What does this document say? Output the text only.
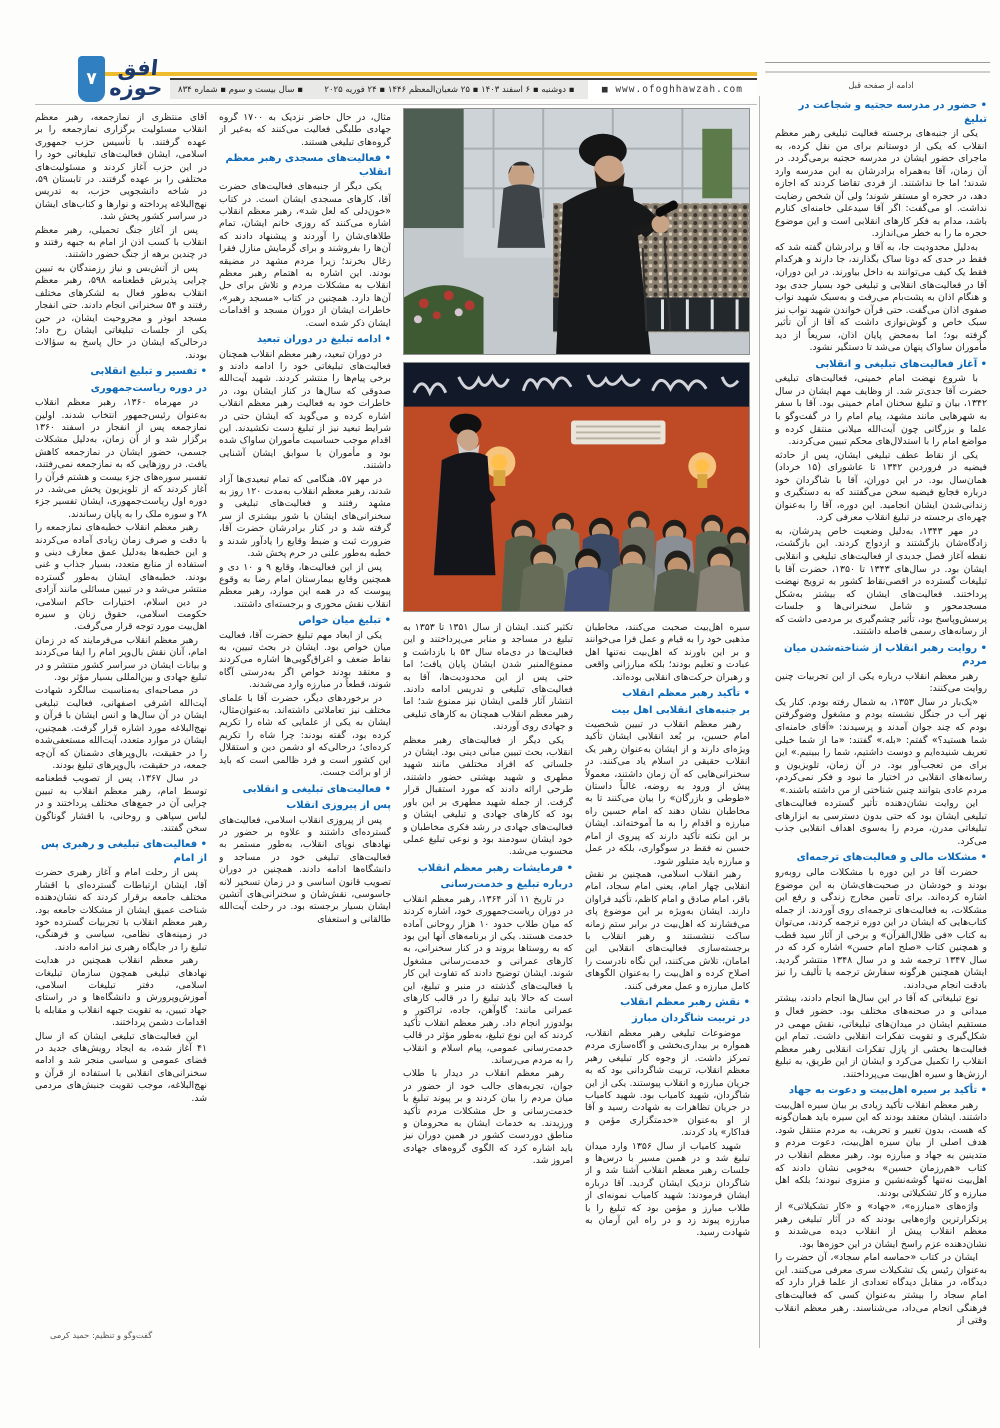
۷ افق حوزه	▪ سال بیست و سوم ▪ شماره ۸۳۴	▪ دوشنبه ▪ ۶ اسفند ۱۴۰۳ ▪ ۲۵ شعبان‌المعظم ۱۴۴۶ ▪ ۲۴ فوریه ۲۰۲۵	■ www.ofoghhawzah.com	ادامه از صفحه قبل

• حضور در مدرسه حجتیه و شجاعت در تبلیغ

یکی از جنبه‌های برجسته فعالیت تبلیغی رهبر معظم انقلاب که یکی از دوستانم برای من نقل کرده، به ماجرای حضور ایشان در مدرسه حجتیه برمی‌گردد. در آن زمان، آقا به‌همراه برادرشان به این مدرسه وارد شدند؛ اما جا نداشتند. از فردی تقاضا کردند که اجازه دهد، در حجره او مستقر شوند؛ ولی آن شخص رضایت نداشت. او می‌گفت: اگر آقا سیدعلی خامنه‌ای کنارم باشد، مدام به فکر کارهای انقلابی است و این موضوع حجره ما را به خطر می‌اندازد.

به‌دلیل محدودیت جا، به آقا و برادرشان گفته شد که فقط در حدی که دوتا ساک بگذارند، جا دارند و هرکدام فقط یک کیف می‌توانند به داخل بیاورند. در این دوران، آقا در فعالیت‌های انقلابی و تبلیغی خود بسیار جدی بود و هنگام اذان به پشت‌بام می‌رفت و به‌سبک شهید نواب صفوی اذان می‌گفت. حتی قرآن خواندن شهید نواب نیز سبک خاص و گوش‌نوازی داشت که آقا از آن تأثیر گرفته بود؛ اما به‌محض پایان اذان، سریعاً از دید مأموران ساواک پنهان می‌شد تا دستگیر نشود.

• آغاز فعالیت‌های تبلیغی و انقلابی

با شروع نهضت امام خمینی، فعالیت‌های تبلیغی حضرت آقا جدی‌تر شد. از وظایف مهم ایشان در سال ۱۳۴۲، بیان و تبلیغ سخنان امام خمینی بود. آقا با سفر به شهرهایی مانند مشهد، پیام امام را در گفت‌وگو با علما و بزرگانی چون آیت‌الله میلانی منتقل کرده و مواضع امام را با استدلال‌های محکم تبیین می‌کردند.

یکی از نقاط عطف تبلیغی ایشان، پس از حادثه فیضیه در فروردین ۱۳۴۲ تا عاشورای (۱۵ خرداد) همان‌سال بود. در این دوران، آقا با شاگردان خود درباره فجایع فیضیه سخن می‌گفتند که به دستگیری و زندانی‌شدن ایشان انجامید. این دوره، آقا را به‌عنوان چهره‌ای برجسته در تبلیغ انقلاب معرفی کرد.

در مهر ۱۳۴۳، به‌دلیل وضعیت خاص پدرشان، به زادگاه‌شان بازگشتند و ازدواج کردند. این بازگشت، نقطه آغاز فصل جدیدی از فعالیت‌های تبلیغی و انقلابی ایشان بود. در سال‌های ۱۳۴۳ تا ۱۳۵۰، حضرت آقا با تبلیغات گسترده در اقصی‌نقاط کشور به ترویج نهضت پرداختند. فعالیت‌های ایشان که بیشتر به‌شکل مسجدمحور و شامل سخنرانی‌ها و جلسات پرسش‌وپاسخ بود، تأثیر چشم‌گیری بر مردمی داشت که از رسانه‌های رسمی فاصله داشتند.

• روایت رهبر انقلاب از شناخته‌شدن میان مردم

رهبر معظم انقلاب درباره یکی از این تجربیات چنین روایت می‌کنند:

«یک‌بار در سال ۱۳۵۳، به شمال رفته بودم. کنار یک نهر آب در جنگل نشسته بودم و مشغول وضوگرفتن بودم که چند جوان آمدند و پرسیدند: «آقای خامنه‌ای شما هستید؟» گفتم: «بله.» گفتند: «ما از شما خیلی تعریف شنیده‌ایم و دوست داشتیم، شما را ببینیم.» این برای من تعجب‌آور بود. در آن زمان، تلویزیون و رسانه‌های انقلابی در اختیار ما نبود و فکر نمی‌کردم، مردم عادی بتوانند چنین شناختی از من داشته باشند.»

این روایت نشان‌دهنده تأثیر گسترده فعالیت‌های تبلیغی ایشان بود که حتی بدون دسترسی به ابزارهای تبلیغاتی مدرن، مردم را به‌سوی اهداف انقلابی جذب می‌کرد.

• مشکلات مالی و فعالیت‌های ترجمه‌ای

حضرت آقا در این دوره با مشکلات مالی روبه‌رو بودند و خودشان در صحبت‌های‌شان به این موضوع اشاره کرده‌اند. برای تأمین مخارج زندگی و رفع این مشکلات، به فعالیت‌های ترجمه‌ای روی آوردند. از جمله کتاب‌هایی که ایشان در این دوره ترجمه کردند، می‌توان به کتاب «فی ظلال‌القرآن» و برخی از آثار سید قطب و همچنین کتاب «صلح امام حسن» اشاره کرد که در سال ۱۳۴۷ ترجمه شد و در سال ۱۳۴۸ منتشر گردید. ایشان همچنین هرگونه سفارش ترجمه یا تألیف را نیز بادقت انجام می‌دادند.

نوع تبلیغاتی که آقا در این سال‌ها انجام دادند، بیشتر میدانی و در صحنه‌های مختلف بود. حضور فعال و مستقیم ایشان در میدان‌های تبلیغاتی، نقش مهمی در شکل‌گیری و تقویت تفکرات انقلابی داشت. تمام این فعالیت‌ها بخشی از پازل تفکرات انقلابی رهبر معظم انقلاب را تکمیل می‌کرد و ایشان از این طریق، به تبلیغ ارزش‌ها و سیره اهل‌بیت می‌پرداختند.

• تأکید بر سیره اهل‌بیت و دعوت به جهاد

رهبر معظم انقلاب تأکید زیادی بر بیان سیره اهل‌بیت داشتند. ایشان معتقد بودند که این سیره باید همان‌گونه که هست، بدون تغییر و تحریف، به مردم منتقل شود. هدف اصلی از بیان سیره اهل‌بیت، دعوت مردم و متدینین به جهاد و مبارزه بود. رهبر معظم انقلاب در کتاب «هم‌رزمان حسین» به‌خوبی نشان دادند که اهل‌بیت نه‌تنها گوشه‌نشین و منزوی نبودند؛ بلکه اهل مبارزه و کار تشکیلاتی بودند.

واژه‌های «مبارزه»، «جهاد» و «کار تشکیلاتی» از پرتکرارترین واژه‌هایی بودند که در آثار تبلیغی رهبر معظم انقلاب پیش از انقلاب دیده می‌شدند و نشان‌دهنده عزم راسخ ایشان در این حوزه‌ها بود.

ایشان در کتاب «حماسه امام سجاد»، آن حضرت را به‌عنوان رئیس یک تشکیلات سری معرفی می‌کنند. این دیدگاه، در مقابل دیدگاه تعدادی از علما قرار دارد که امام سجاد را بیشتر به‌عنوان کسی که فعالیت‌های فرهنگی انجام می‌داد، می‌شناسند. رهبر معظم انقلاب وقتی از

سیره اهل‌بیت صحبت می‌کنند، مخاطبان مذهبی خود را به قیام و عمل فرا می‌خوانند و بر این باورند که اهل‌بیت نه‌تنها اهل عبادت و تعلیم بودند؛ بلکه مبارزانی واقعی و رهبران حرکت‌های انقلابی بوده‌اند.

• تأکید رهبر معظم انقلاب

بر جنبه‌های انقلابی اهل بیت

رهبر معظم انقلاب در تبیین شخصیت امام حسین، بر بُعد انقلابی ایشان تأکید ویژه‌ای دارند و از ایشان به‌عنوان رهبر یک انقلاب حقیقی در اسلام یاد می‌کنند. در سخنرانی‌هایی که آن زمان داشتند، معمولاً پیش از ورود به روضه، غالباً داستان «طوطی و بازرگان» را بیان می‌کنند تا به مخاطبان نشان دهند که امام حسین راه مبارزه و اقدام را به ما آموخته‌اند. ایشان بر این نکته تأکید دارند که پیروی از امام حسین نه فقط در سوگواری، بلکه در عمل و مبارزه باید متبلور شود.

رهبر انقلاب اسلامی، همچنین بر نقش انقلابی چهار امام، یعنی امام سجاد، امام باقر، امام صادق و امام کاظم، تأکید فراوان دارند. ایشان به‌ویژه بر این موضوع پای می‌فشارند که اهل‌بیت در برابر ستم زمانه ساکت ننشستند و رهبر انقلاب با برجسته‌سازی فعالیت‌های انقلابی این امامان، تلاش می‌کنند، این نگاه نادرست را اصلاح کرده و اهل‌بیت را به‌عنوان الگوهای کامل مبارزه و عمل معرفی کنند.

• نقش رهبر معظم انقلاب

در تربیت شاگردان مبارز

موضوعات تبلیغی رهبر معظم انقلاب، همواره بر بیداری‌بخشی و آگاه‌سازی مردم تمرکز داشت. از وجوه کار تبلیغی رهبر معظم انقلاب، تربیت شاگردانی بود که به جریان مبارزه و انقلاب پیوستند. یکی از این شاگردان، شهید کامیاب بود. شهید کامیاب در جریان تظاهرات به شهادت رسید و آقا از او به‌عنوان «خدمتگزاری مؤمن و فداکار» یاد کردند.

شهید کامیاب از سال ۱۳۵۶ وارد میدان تبلیغ شد و در همین مسیر با درس‌ها و جلسات رهبر معظم انقلاب آشنا شد و از شاگردان نزدیک ایشان گردید. آقا درباره ایشان فرمودند: شهید کامیاب نمونه‌ای از طلاب مبارز و مؤمن بود که تبلیغ را با مبارزه پیوند زد و در راه این آرمان به شهادت رسید.

تکثیر کنند. ایشان از سال ۱۳۵۱ تا ۱۳۵۳ به تبلیغ در مساجد و منابر می‌پرداختند و این فعالیت‌ها در دی‌ماه سال ۵۳ با بازداشت و ممنوع‌المنبر شدن ایشان پایان یافت؛ اما حتی پس از این محدودیت‌ها، آقا به فعالیت‌های تبلیغی و تدریس ادامه دادند. انتشار آثار قلمی ایشان نیز ممنوع شد؛ اما رهبر معظم انقلاب همچنان به کارهای تبلیغی و جهادی روی آوردند.

یکی دیگر از فعالیت‌های رهبر معظم انقلاب، بحث تبیین مبانی دینی بود. ایشان در جلساتی که افراد مختلفی مانند شهید مطهری و شهید بهشتی حضور داشتند، طرحی ارائه دادند که مورد استقبال قرار گرفت. از جمله شهید مطهری بر این باور بود که کارهای جهادی و تبلیغی ایشان و فعالیت‌های جهادی در رشد فکری مخاطبان و خود ایشان سودمند بود و نوعی تبلیغ عملی محسوب می‌شد.

• فرمایشات رهبر معظم انقلاب

درباره تبلیغ و خدمت‌رسانی

در تاریخ ۱۱ آذر ۱۳۶۴، رهبر معظم انقلاب در دوران ریاست‌جمهوری خود، اشاره کردند که میان طلاب حدود ۱۰ هزار روحانی آماده خدمت هستند. یکی از برنامه‌های آنها این بود که به روستاها بروند و در کنار سخنرانی، به کارهای عمرانی و خدمت‌رسانی مشغول شوند. ایشان توضیح دادند که تفاوت این کار با فعالیت‌های گذشته در منبر و تبلیغ، این است که حالا باید تبلیغ را در قالب کارهای عمرانی مانند: گاوآهن، جاده، تراکتور و بولدوزر انجام داد. رهبر معظم انقلاب تأکید کردند که این نوع تبلیغ، به‌طور مؤثر در قالب خدمت‌رسانی عمومی، پیام اسلام و انقلاب را به مردم می‌رساند.

رهبر معظم انقلاب در دیدار با طلاب جوان، تجربه‌های جالب خود از حضور در میان مردم را بیان کردند و بر پیوند تبلیغ با خدمت‌رسانی و حل مشکلات مردم تأکید ورزیدند. به خدمات ایشان به محرومان و مناطق دوردست کشور در همین دوران نیز باید اشاره کرد که الگوی گروه‌های جهادی امروز شد.

مثال، در حال حاضر نزدیک به ۱۷۰۰ گروه جهادی طلبگی فعالیت می‌کنند که به‌غیر از گروه‌های تبلیغی هستند.

• فعالیت‌های مسجدی رهبر معظم انقلاب

یکی دیگر از جنبه‌های فعالیت‌های حضرت آقا، کارهای مسجدی ایشان است. در کتاب «خون‌دلی که لعل شد»، رهبر معظم انقلاب اشاره می‌کنند که روزی خانم ایشان، تمام طلاهای‌شان را آوردند و پیشنهاد دادند که آن‌ها را بفروشند و برای گرمایش منازل فقرا زغال بخرند؛ زیرا مردم مشهد در مضیقه بودند. این اشاره به اهتمام رهبر معظم انقلاب به مشکلات مردم و تلاش برای حل آن‌ها دارد. همچنین در کتاب «مسجد رهبر»، خاطرات ایشان از دوران مسجد و اقدامات ایشان ذکر شده است.

• ادامه تبلیغ در دوران تبعید

در دوران تبعید، رهبر معظم انقلاب همچنان فعالیت‌های تبلیغاتی خود را ادامه دادند و برخی پیام‌ها را منتشر کردند. شهید آیت‌الله صدوقی که سال‌ها در کنار ایشان بود، در خاطرات خود به فعالیت رهبر معظم انقلاب اشاره کرده و می‌گوید که ایشان حتی در شرایط تبعید نیز از تبلیغ دست نکشیدند. این اقدام موجب حساسیت مأموران ساواک شده بود و مأموران با سوابق ایشان آشنایی داشتند.

در مهر ۵۷، هنگامی که تمام تبعیدی‌ها آزاد شدند، رهبر معظم انقلاب به‌مدت ۱۲۰ روز به مشهد رفتند و فعالیت‌های تبلیغی و سخنرانی‌های ایشان با شور بیشتری از سر گرفته شد و در کنار برادرشان حضرت آقا، ضرورت ثبت و ضبط وقایع را یادآور شدند و خطبه به‌طور علنی در حرم پخش شد.

پس از این فعالیت‌ها، وقایع ۹ و ۱۰ دی و همچنین وقایع بیمارستان امام رضا به وقوع پیوست که در همه این موارد، رهبر معظم انقلاب نقش محوری و برجسته‌ای داشتند.

• تبلیغ میان خواص

یکی از ابعاد مهم تبلیغ حضرت آقا، فعالیت میان خواص بود. ایشان در بحث تبیین، به نقاط ضعف و اغراق‌گویی‌ها اشاره می‌کردند و معتقد بودند خواص اگر به‌درستی آگاه شوند، قطعاً در مبارزه وارد می‌شدند.

در برخوردهای دیگر، حضرت آقا با علمای مختلف نیز تعاملاتی داشته‌اند. به‌عنوان‌مثال، ایشان به یکی از علمایی که شاه را تکریم کرده بود، گفته بودند: چرا شاه را تکریم کرده‌ای؛ درحالی‌که او دشمن دین و استقلال این کشور است و فرد ظالمی است که باید از او برائت جست.

• فعالیت‌های تبلیغی و انقلابی

پس از پیروزی انقلاب

پس از پیروزی انقلاب اسلامی، فعالیت‌های گسترده‌ای داشتند و علاوه بر حضور در نهادهای نوپای انقلاب، به‌طور مستمر به فعالیت‌های تبلیغی خود در مساجد و دانشگاه‌ها ادامه دادند. همچنین در دوران تصویب قانون اساسی و در زمان تسخیر لانه جاسوسی، نقش‌شان و سخنرانی‌های آتشین ایشان بسیار برجسته بود. در رحلت آیت‌الله طالقانی و استعفای

آقای منتظری از نمازجمعه، رهبر معظم انقلاب مسئولیت برگزاری نمازجمعه را بر عهده گرفتند. با تأسیس حزب جمهوری اسلامی، ایشان فعالیت‌های تبلیغاتی خود را در این حزب آغاز کردند و مسئولیت‌های مختلفی را بر عهده گرفتند. در تابستان ۵۹، در شاخه دانشجویی حزب، به تدریس نهج‌البلاغه پرداخته و نوارها و کتاب‌های ایشان در سراسر کشور پخش شد.

پس از آغاز جنگ تحمیلی، رهبر معظم انقلاب با کسب اذن از امام به جبهه رفتند و در چندین برهه از جنگ حضور داشتند.

پس از آتش‌بس و نیاز رزمندگان به تبیین چرایی پذیرش قطعنامه ۵۹۸، رهبر معظم انقلاب به‌طور فعال به لشکرهای مختلف رفتند و ۵۴ سخنرانی انجام دادند. حتی انفجار مسجد ابوذر و مجروحیت ایشان، در حین یکی از جلسات تبلیغاتی ایشان رخ داد؛ درحالی‌که ایشان در حال پاسخ به سؤالات بودند.

• تفسیر و تبلیغ انقلابی

در دوره ریاست‌جمهوری

در مهرماه ۱۳۶۰، رهبر معظم انقلاب به‌عنوان رئیس‌جمهور انتخاب شدند. اولین نمازجمعه پس از انفجار در اسفند ۱۳۶۰ برگزار شد و از آن زمان، به‌دلیل مشکلات جسمی، حضور ایشان در نمازجمعه کاهش یافت. در روزهایی که به نمازجمعه نمی‌رفتند، تفسیر سوره‌های جزء بیست و هشتم قرآن را آغاز کردند که از تلویزیون پخش می‌شد. در دوره اول ریاست‌جمهوری، ایشان تفسیر جزء ۲۸ و سوره ملک را به پایان رساندند.

رهبر معظم انقلاب خطبه‌های نمازجمعه را با دقت و صرف زمان زیادی آماده می‌کردند و این خطبه‌ها به‌دلیل عمق معارف دینی و استفاده از منابع متعدد، بسیار جذاب و غنی بودند. خطبه‌های ایشان به‌طور گسترده منتشر می‌شد و در تبیین مسائلی مانند آزادی در دین اسلام، اختیارات حاکم اسلامی، حکومت اسلامی، حقوق زنان و سیره اهل‌بیت مورد توجه قرار می‌گرفت.

رهبر معظم انقلاب می‌فرمایند که در زمان امام، آنان نقش بال‌وپر امام را ایفا می‌کردند و بیانات ایشان در سراسر کشور منتشر و در تبلیغ جهادی و بین‌المللی بسیار مؤثر بود.

در مصاحبه‌ای به‌مناسبت سالگرد شهادت آیت‌الله اشرفی اصفهانی، فعالیت تبلیغی ایشان در آن سال‌ها و انس ایشان با قرآن و نهج‌البلاغه مورد اشاره قرار گرفت. همچنین، ایشان در موارد متعدد، آیت‌الله مستعفی‌شده را در حقیقت، بال‌وپرهای دشمنان که آن‌چه جمعه، در حقیقت، بال‌وپرهای تبلیغ بودند.

در سال ۱۳۶۷، پس از تصویب قطعنامه توسط امام، رهبر معظم انقلاب به تبیین چرایی آن در جمع‌های مختلف پرداختند و در لباس سپاهی و روحانی، با اقشار گوناگون سخن گفتند.

• فعالیت‌های تبلیغی و رهبری پس از امام

پس از رحلت امام و آغاز رهبری حضرت آقا، ایشان ارتباطات گسترده‌ای با اقشار مختلف جامعه برقرار کردند که نشان‌دهنده شناخت عمیق ایشان از مشکلات جامعه بود. رهبر معظم انقلاب با تجربیات گسترده خود در زمینه‌های نظامی، سیاسی و فرهنگی، تبلیغ را در جایگاه رهبری نیز ادامه دادند.

رهبر معظم انقلاب همچنین در هدایت نهادهای تبلیغی همچون سازمان تبلیغات اسلامی، دفتر تبلیغات اسلامی، آموزش‌وپرورش و دانشگاه‌ها و در راستای جهاد تبیین، به تقویت جبهه انقلاب و مقابله با اقدامات دشمن پرداختند.

این فعالیت‌های تبلیغی ایشان که از سال ۴۱ آغاز شده، به ایجاد رویش‌های جدید در فضای عمومی و سیاسی منجر شد و ادامه سخنرانی‌های انقلابی با استفاده از قرآن و نهج‌البلاغه، موجب تقویت جنبش‌های مردمی شد.

گفت‌وگو و تنظیم: حمید کرمی
